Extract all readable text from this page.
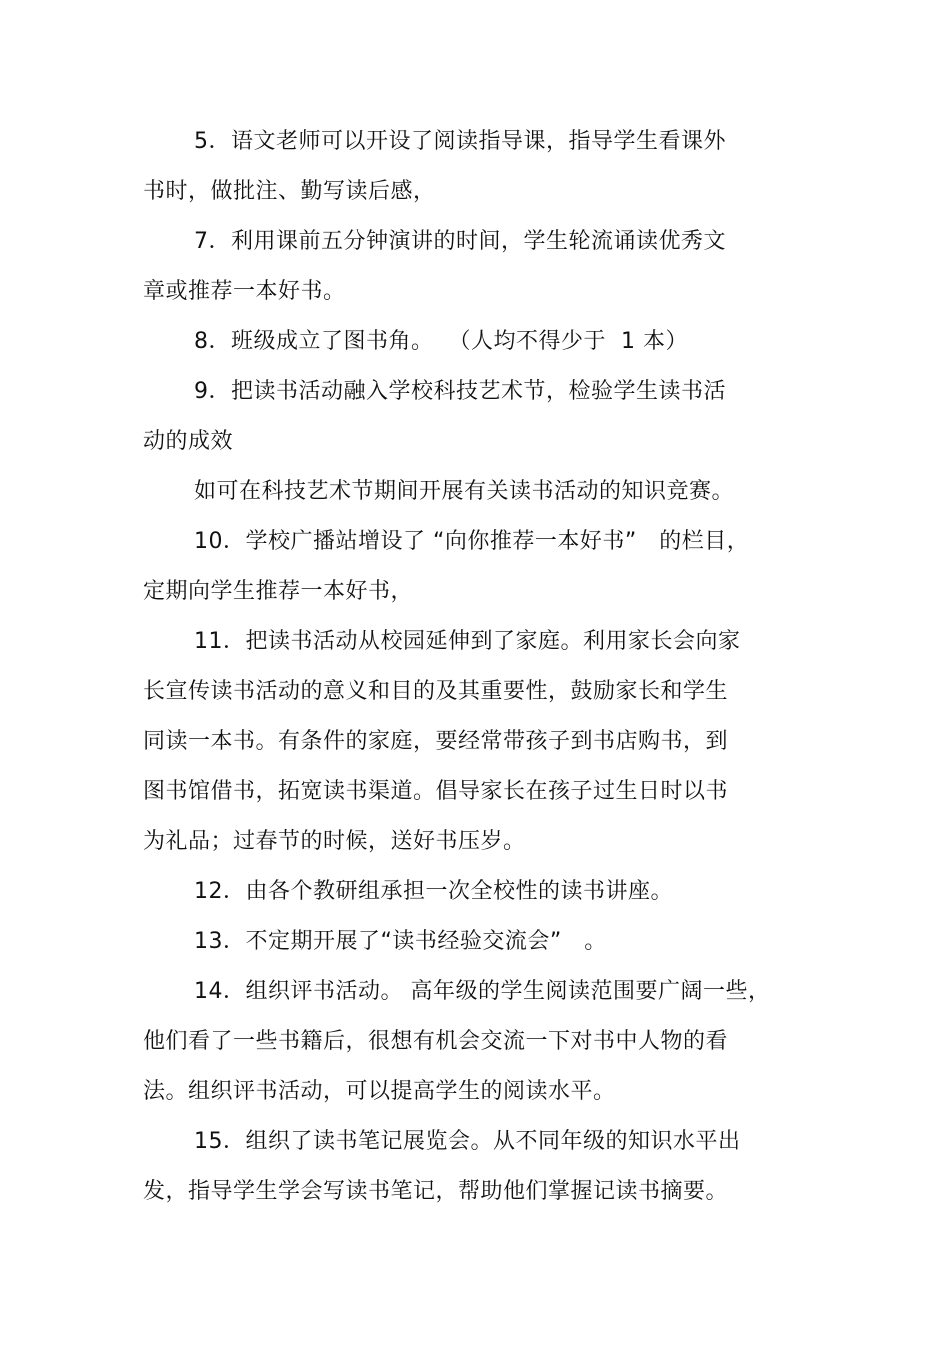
5．语文老师可以开设了阅读指导课，指导学生看课外
书时，做批注、勤写读后感，
7．利用课前五分钟演讲的时间，学生轮流诵读优秀文
章或推荐一本好书。
8．班级成立了图书角。  （人均不得少于  1 本）
9．把读书活动融入学校科技艺术节，检验学生读书活
动的成效
如可在科技艺术节期间开展有关读书活动的知识竞赛。
10．学校广播站增设了 “向你推荐一本好书”   的栏目，
定期向学生推荐一本好书，
11．把读书活动从校园延伸到了家庭。利用家长会向家
长宣传读书活动的意义和目的及其重要性，鼓励家长和学生
同读一本书。有条件的家庭，要经常带孩子到书店购书，到
图书馆借书，拓宽读书渠道。倡导家长在孩子过生日时以书
为礼品；过春节的时候，送好书压岁。
12．由各个教研组承担一次全校性的读书讲座。
13．不定期开展了“读书经验交流会”   。
14．组织评书活动。 高年级的学生阅读范围要广阔一些，
他们看了一些书籍后，很想有机会交流一下对书中人物的看
法。组织评书活动，可以提高学生的阅读水平。
15．组织了读书笔记展览会。从不同年级的知识水平出
发，指导学生学会写读书笔记，帮助他们掌握记读书摘要。
